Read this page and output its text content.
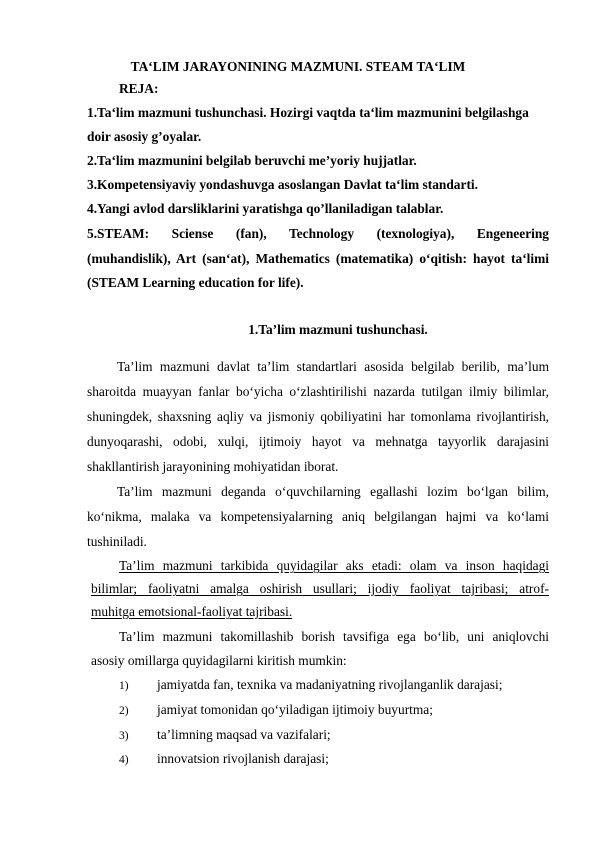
TA‘LIM JARAYONINING MAZMUNI. STEAM TA‘LIM
REJA:
1.Ta‘lim mazmuni tushunchasi. Hozirgi vaqtda ta‘lim mazmunini belgilashga
doir asosiy g’oyalar.
2.Ta‘lim mazmunini belgilab beruvchi me’yoriy hujjatlar.
3.Kompetensiyaviy yondashuvga asoslangan Davlat ta‘lim standarti.
4.Yangi avlod darsliklarini yaratishga qo’llaniladigan talablar.
5.STEAM: Sciense (fan), Technology (texnologiya), Engeneering
(muhandislik), Art (san‘at), Mathematics (matematika) o‘qitish: hayot ta‘limi
(STEAM Learning education for life).
1.Ta’lim mazmuni tushunchasi.
Ta’lim mazmuni davlat ta’lim standartlari asosida belgilab berilib, ma’lum
sharoitda muayyan fanlar bo‘yicha o‘zlashtirilishi nazarda tutilgan ilmiy bilimlar,
shuningdek, shaxsning aqliy va jismoniy qobiliyatini har tomonlama rivojlantirish,
dunyoqarashi, odobi, xulqi, ijtimoiy hayot va mehnatga tayyorlik darajasini
shakllantirish jarayonining mohiyatidan iborat.
Ta’lim mazmuni deganda o‘quvchilarning egallashi lozim bo‘lgan bilim,
ko‘nikma, malaka va kompetensiyalarning aniq belgilangan hajmi va ko‘lami
tushiniladi.
Ta’lim mazmuni tarkibida quyidagilar aks etadi: olam va inson haqidagi
bilimlar; faoliyatni amalga oshirish usullari; ijodiy faoliyat tajribasi; atrof-
muhitga emotsional-faoliyat tajribasi.
Ta’lim mazmuni takomillashib borish tavsifiga ega bo‘lib, uni aniqlovchi
asosiy omillarga quyidagilarni kiritish mumkin:
1) jamiyatda fan, texnika va madaniyatning rivojlanganlik darajasi;
2) jamiyat tomonidan qo‘yiladigan ijtimoiy buyurtma;
3) ta’limning maqsad va vazifalari;
4) innovatsion rivojlanish darajasi;
